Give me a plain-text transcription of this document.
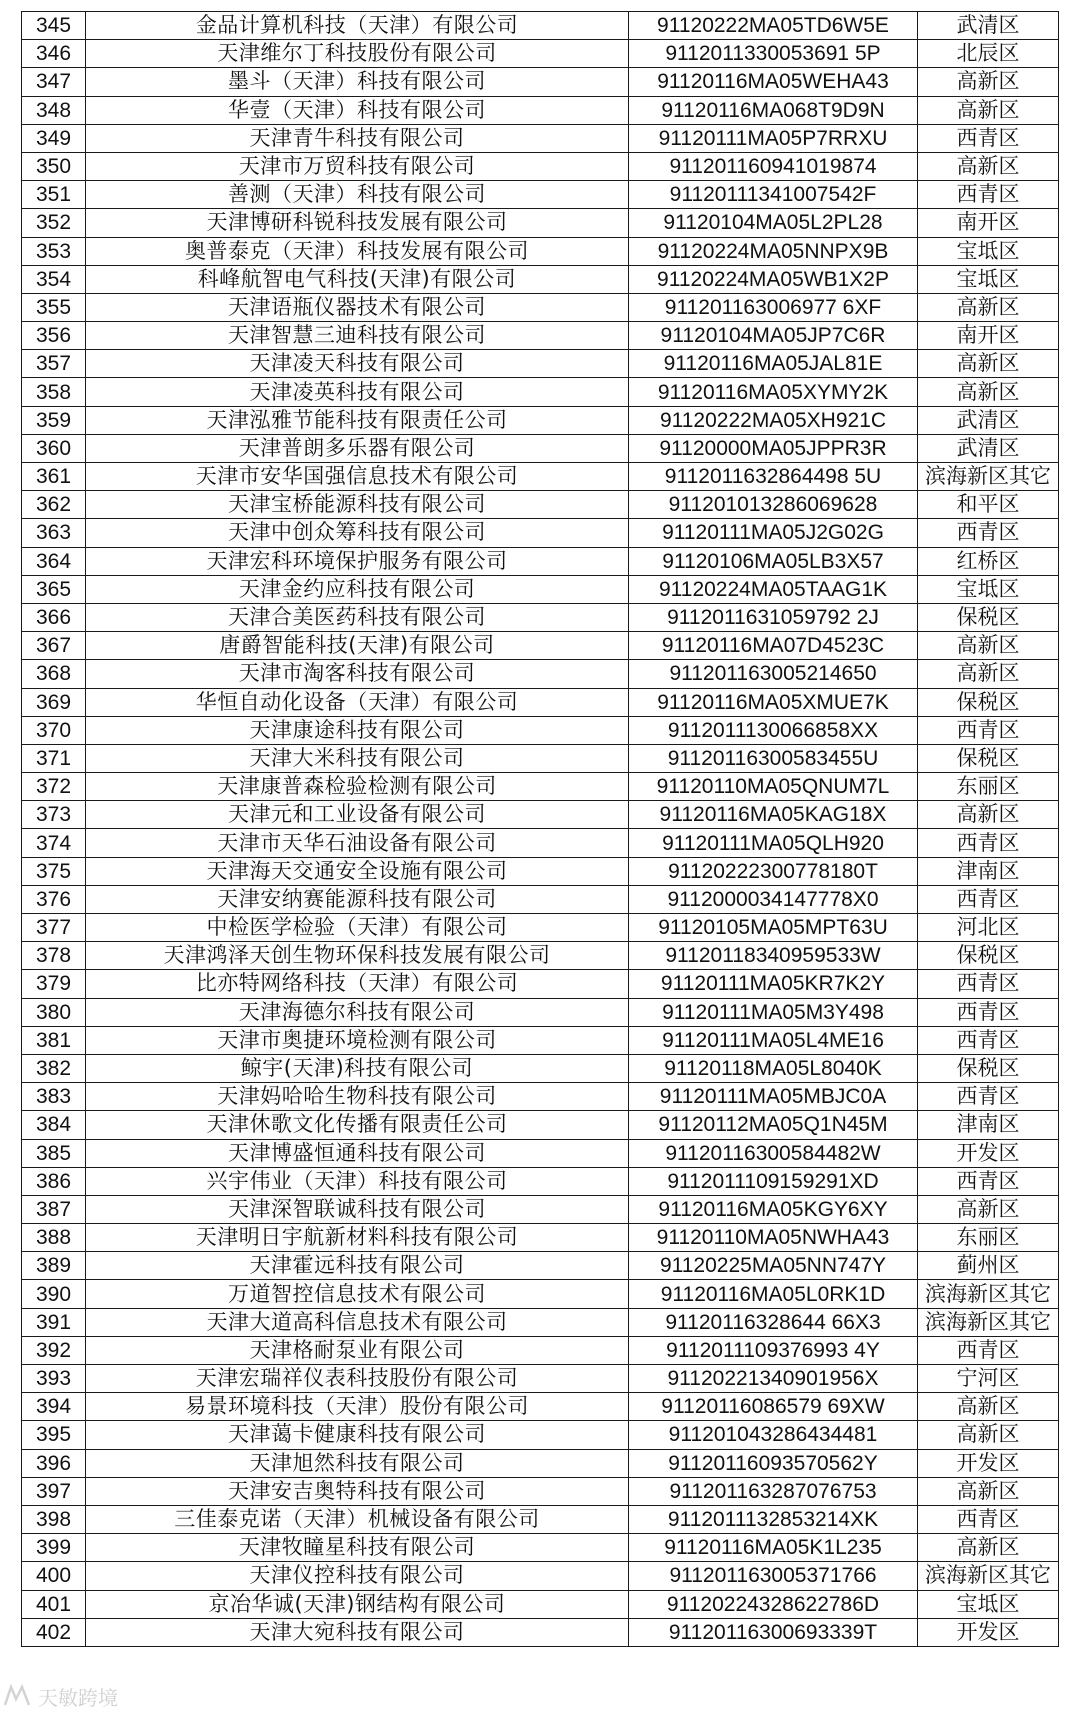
345	金品计算机科技（天津）有限公司	91120222MA05TD6W5E	武清区
346	天津维尔丁科技股份有限公司	9112011330053691 5P	北辰区
347	墨斗（天津）科技有限公司	91120116MA05WEHA43	高新区
348	华壹（天津）科技有限公司	91120116MA068T9D9N	高新区
349	天津青牛科技有限公司	91120111MA05P7RRXU	西青区
350	天津市万贸科技有限公司	911201160941019874	高新区
351	善测（天津）科技有限公司	91120111341007542F	西青区
352	天津博研科锐科技发展有限公司	91120104MA05L2PL28	南开区
353	奥普泰克（天津）科技发展有限公司	91120224MA05NNPX9B	宝坻区
354	科峰航智电气科技(天津)有限公司	91120224MA05WB1X2P	宝坻区
355	天津语瓶仪器技术有限公司	911201163006977 6XF	高新区
356	天津智慧三迪科技有限公司	91120104MA05JP7C6R	南开区
357	天津凌天科技有限公司	91120116MA05JAL81E	高新区
358	天津凌英科技有限公司	91120116MA05XYMY2K	高新区
359	天津泓雅节能科技有限责任公司	91120222MA05XH921C	武清区
360	天津普朗多乐器有限公司	91120000MA05JPPR3R	武清区
361	天津市安华国强信息技术有限公司	9112011632864498 5U	滨海新区其它
362	天津宝桥能源科技有限公司	911201013286069628	和平区
363	天津中创众筹科技有限公司	91120111MA05J2G02G	西青区
364	天津宏科环境保护服务有限公司	91120106MA05LB3X57	红桥区
365	天津金约应科技有限公司	91120224MA05TAAG1K	宝坻区
366	天津合美医药科技有限公司	9112011631059792 2J	保税区
367	唐爵智能科技(天津)有限公司	91120116MA07D4523C	高新区
368	天津市淘客科技有限公司	911201163005214650	高新区
369	华恒自动化设备（天津）有限公司	91120116MA05XMUE7K	保税区
370	天津康途科技有限公司	9112011130066858XX	西青区
371	天津大米科技有限公司	91120116300583455U	保税区
372	天津康普森检验检测有限公司	91120110MA05QNUM7L	东丽区
373	天津元和工业设备有限公司	91120116MA05KAG18X	高新区
374	天津市天华石油设备有限公司	91120111MA05QLH920	西青区
375	天津海天交通安全设施有限公司	91120222300778180T	津南区
376	天津安纳赛能源科技有限公司	9112000034147778X0	西青区
377	中检医学检验（天津）有限公司	91120105MA05MPT63U	河北区
378	天津鸿泽天创生物环保科技发展有限公司	91120118340959533W	保税区
379	比亦特网络科技（天津）有限公司	91120111MA05KR7K2Y	西青区
380	天津海德尔科技有限公司	91120111MA05M3Y498	西青区
381	天津市奥捷环境检测有限公司	91120111MA05L4ME16	西青区
382	鲸宇(天津)科技有限公司	91120118MA05L8040K	保税区
383	天津妈哈哈生物科技有限公司	91120111MA05MBJC0A	西青区
384	天津休歌文化传播有限责任公司	91120112MA05Q1N45M	津南区
385	天津博盛恒通科技有限公司	91120116300584482W	开发区
386	兴宇伟业（天津）科技有限公司	9112011109159291XD	西青区
387	天津深智联诚科技有限公司	91120116MA05KGY6XY	高新区
388	天津明日宇航新材料科技有限公司	91120110MA05NWHA43	东丽区
389	天津霍远科技有限公司	91120225MA05NN747Y	蓟州区
390	万道智控信息技术有限公司	91120116MA05L0RK1D	滨海新区其它
391	天津大道高科信息技术有限公司	91120116328644 66X3	滨海新区其它
392	天津格耐泵业有限公司	9112011109376993 4Y	西青区
393	天津宏瑞祥仪表科技股份有限公司	91120221340901956X	宁河区
394	易景环境科技（天津）股份有限公司	91120116086579 69XW	高新区
395	天津蔼卡健康科技有限公司	911201043286434481	高新区
396	天津旭然科技有限公司	91120116093570562Y	开发区
397	天津安吉奥特科技有限公司	911201163287076753	高新区
398	三佳泰克诺（天津）机械设备有限公司	9112011132853214XK	西青区
399	天津牧瞳星科技有限公司	91120116MA05K1L235	高新区
400	天津仪控科技有限公司	911201163005371766	滨海新区其它
401	京冶华诚(天津)钢结构有限公司	91120224328622786D	宝坻区
402	天津大宛科技有限公司	91120116300693339T	开发区
天敏跨境
